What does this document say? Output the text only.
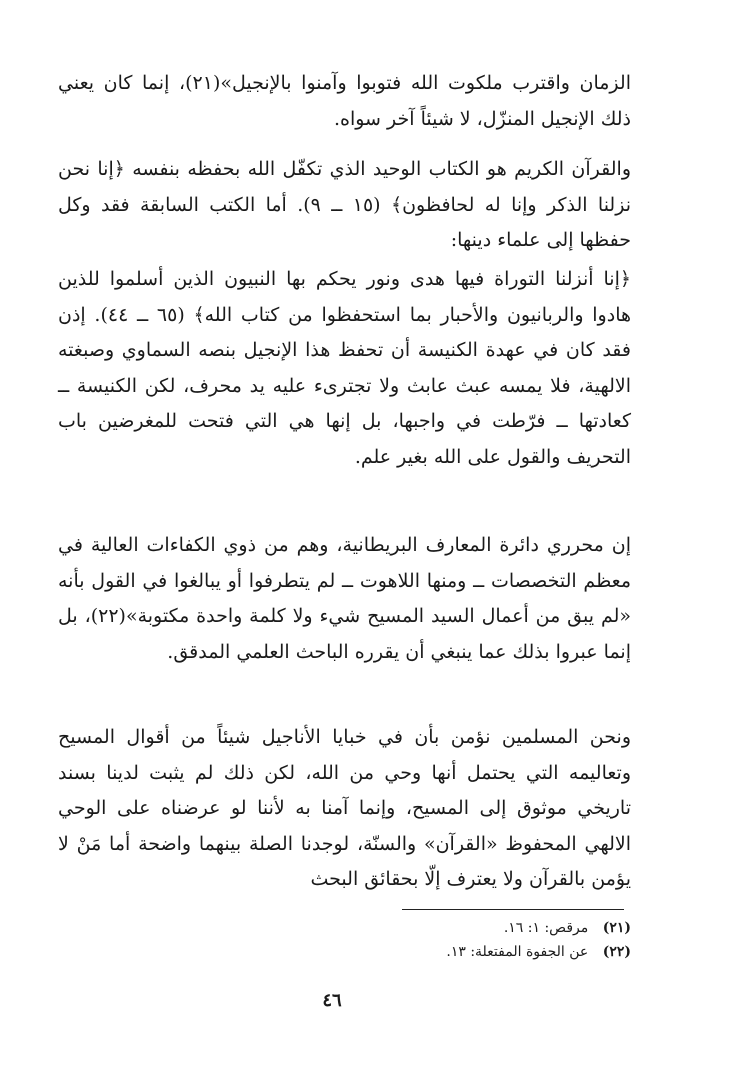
الزمان واقترب ملكوت الله فتوبوا وآمنوا بالإنجيل»(٢١)، إنما كان يعني ذلك الإنجيل المنزّل، لا شيئاً آخر سواه.

والقرآن الكريم هو الكتاب الوحيد الذي تكفّل الله بحفظه بنفسه ﴿إنا نحن نزلنا الذكر وإنا له لحافظون﴾ (١٥ ــ ٩). أما الكتب السابقة فقد وكل حفظها إلى علماء دينها:

﴿إنا أنزلنا التوراة فيها هدى ونور يحكم بها النبيون الذين أسلموا للذين هادوا والربانيون والأحبار بما استحفظوا من كتاب الله﴾ (٦٥ ــ ٤٤). إذن فقد كان في عهدة الكنيسة أن تحفظ هذا الإنجيل بنصه السماوي وصبغته الالهية، فلا يمسه عبث عابث ولا تجترىء عليه يد محرف، لكن الكنيسة ــ كعادتها ــ فرّطت في واجبها، بل إنها هي التي فتحت للمغرضين باب التحريف والقول على الله بغير علم.

إن محرري دائرة المعارف البريطانية، وهم من ذوي الكفاءات العالية في معظم التخصصات ــ ومنها اللاهوت ــ لم يتطرفوا أو يبالغوا في القول بأنه «لم يبق من أعمال السيد المسيح شيء ولا كلمة واحدة مكتوبة»(٢٢)، بل إنما عبروا بذلك عما ينبغي أن يقرره الباحث العلمي المدقق.

ونحن المسلمين نؤمن بأن في خبايا الأناجيل شيئاً من أقوال المسيح وتعاليمه التي يحتمل أنها وحي من الله، لكن ذلك لم يثبت لدينا بسند تاريخي موثوق إلى المسيح، وإنما آمنا به لأننا لو عرضناه على الوحي الالهي المحفوظ «القرآن» والسنّة، لوجدنا الصلة بينهما واضحة أما مَنْ لا يؤمن بالقرآن ولا يعترف إلّا بحقائق البحث

(٢١) مرقص: ١: ١٦.
(٢٢) عن الجفوة المفتعلة: ١٣.
٤٦
